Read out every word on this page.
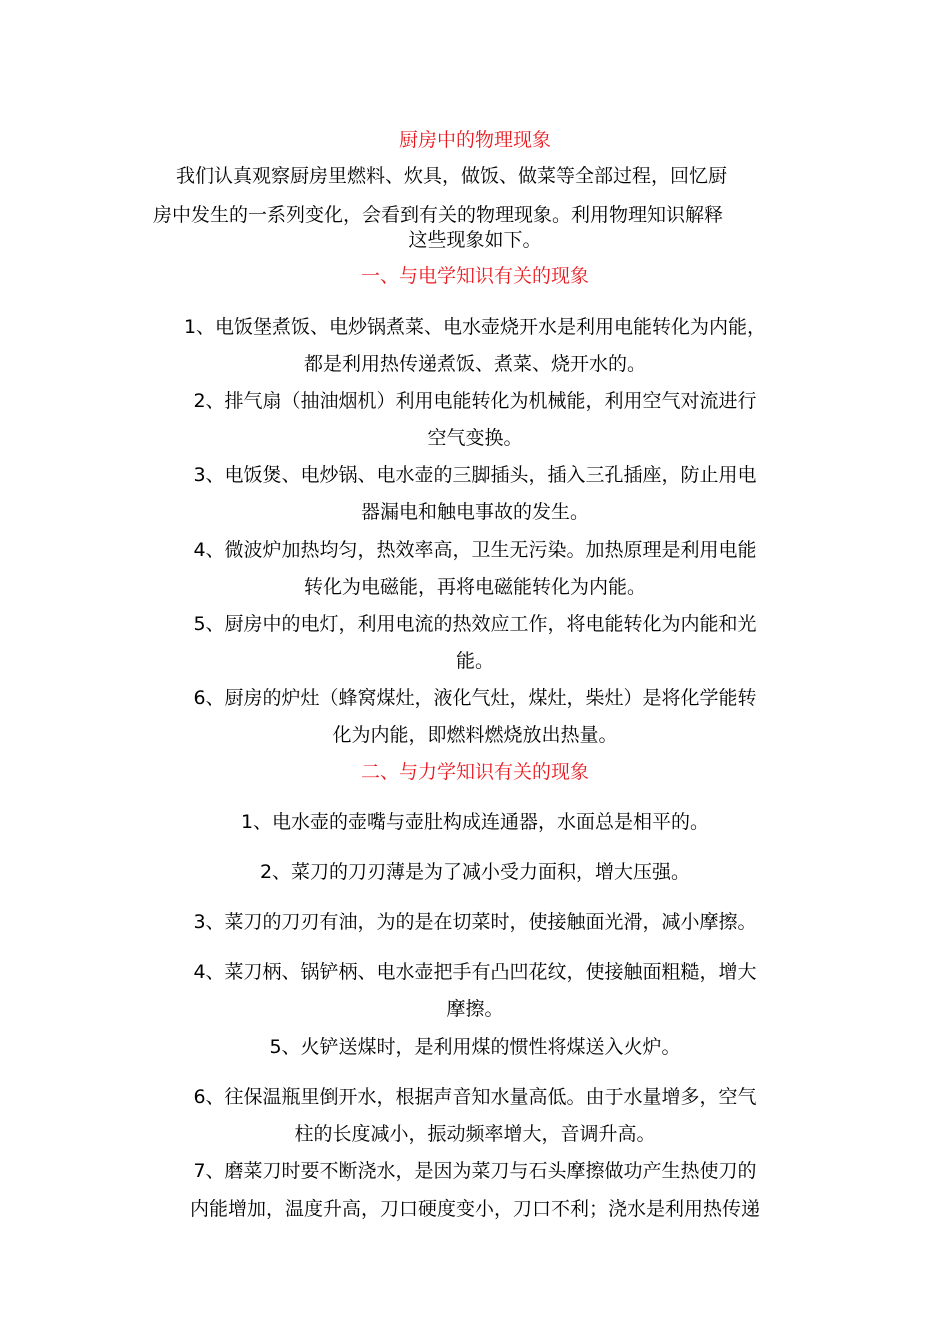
厨房中的物理现象
我们认真观察厨房里燃料、炊具，做饭、做菜等全部过程，回忆厨
房中发生的一系列变化，会看到有关的物理现象。利用物理知识解释
这些现象如下。
一、与电学知识有关的现象
1、电饭堡煮饭、电炒锅煮菜、电水壶烧开水是利用电能转化为内能，
都是利用热传递煮饭、煮菜、烧开水的。
2、排气扇（抽油烟机）利用电能转化为机械能，利用空气对流进行
空气变换。
3、电饭煲、电炒锅、电水壶的三脚插头，插入三孔插座，防止用电
器漏电和触电事故的发生。
4、微波炉加热均匀，热效率高，卫生无污染。加热原理是利用电能
转化为电磁能，再将电磁能转化为内能。
5、厨房中的电灯，利用电流的热效应工作，将电能转化为内能和光
能。
6、厨房的炉灶（蜂窝煤灶，液化气灶，煤灶，柴灶）是将化学能转
化为内能，即燃料燃烧放出热量。
二、与力学知识有关的现象
1、电水壶的壶嘴与壶肚构成连通器，水面总是相平的。
2、菜刀的刀刃薄是为了减小受力面积，增大压强。
3、菜刀的刀刃有油，为的是在切菜时，使接触面光滑，减小摩擦。
4、菜刀柄、锅铲柄、电水壶把手有凸凹花纹，使接触面粗糙，增大
摩擦。
5、火铲送煤时，是利用煤的惯性将煤送入火炉。
6、往保温瓶里倒开水，根据声音知水量高低。由于水量增多，空气
柱的长度减小，振动频率增大，音调升高。
7、磨菜刀时要不断浇水，是因为菜刀与石头摩擦做功产生热使刀的
内能增加，温度升高，刀口硬度变小，刀口不利；浇水是利用热传递
